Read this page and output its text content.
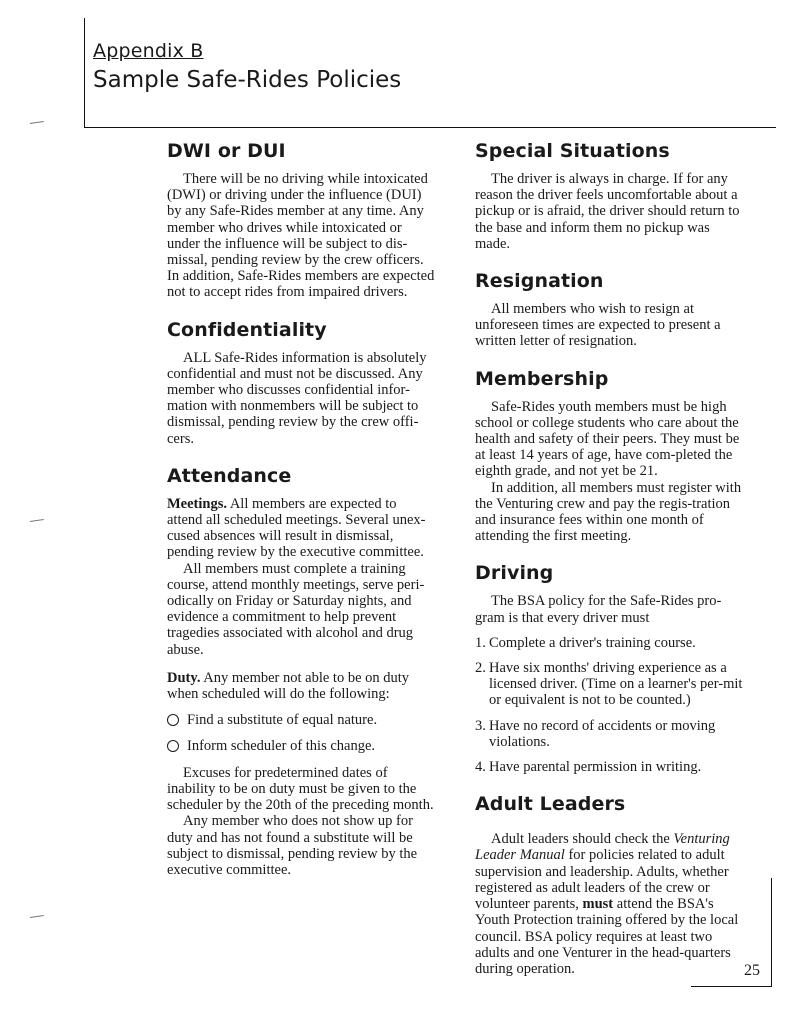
Appendix B
Sample Safe-Rides Policies
DWI or DUI

There will be no driving while intoxicated (DWI) or driving under the influence (DUI) by any Safe-Rides member at any time. Any member who drives while intoxicated or under the influence will be subject to dis-missal, pending review by the crew officers. In addition, Safe-Rides members are expected not to accept rides from impaired drivers.

Confidentiality

ALL Safe-Rides information is absolutely confidential and must not be discussed. Any member who discusses confidential infor-mation with nonmembers will be subject to dismissal, pending review by the crew offi-cers.

Attendance

Meetings. All members are expected to attend all scheduled meetings. Several unex-cused absences will result in dismissal, pending review by the executive committee.

All members must complete a training course, attend monthly meetings, serve peri-odically on Friday or Saturday nights, and evidence a commitment to help prevent tragedies associated with alcohol and drug abuse.

Duty. Any member not able to be on duty when scheduled will do the following:

Find a substitute of equal nature.
Inform scheduler of this change.

Excuses for predetermined dates of inability to be on duty must be given to the scheduler by the 20th of the preceding month.

Any member who does not show up for duty and has not found a substitute will be subject to dismissal, pending review by the executive committee.

Special Situations

The driver is always in charge. If for any reason the driver feels uncomfortable about a pickup or is afraid, the driver should return to the base and inform them no pickup was made.

Resignation

All members who wish to resign at unforeseen times are expected to present a written letter of resignation.

Membership

Safe-Rides youth members must be high school or college students who care about the health and safety of their peers. They must be at least 14 years of age, have com-pleted the eighth grade, and not yet be 21.

In addition, all members must register with the Venturing crew and pay the regis-tration and insurance fees within one month of attending the first meeting.

Driving

The BSA policy for the Safe-Rides pro-gram is that every driver must

1. Complete a driver's training course.
2. Have six months' driving experience as a licensed driver. (Time on a learner's per-mit or equivalent is not to be counted.)
3. Have no record of accidents or moving violations.
4. Have parental permission in writing.
Adult Leaders

Adult leaders should check the Venturing Leader Manual for policies related to adult supervision and leadership. Adults, whether registered as adult leaders of the crew or volunteer parents, must attend the BSA's Youth Protection training offered by the local council. BSA policy requires at least two adults and one Venturer in the head-quarters during operation.	25
